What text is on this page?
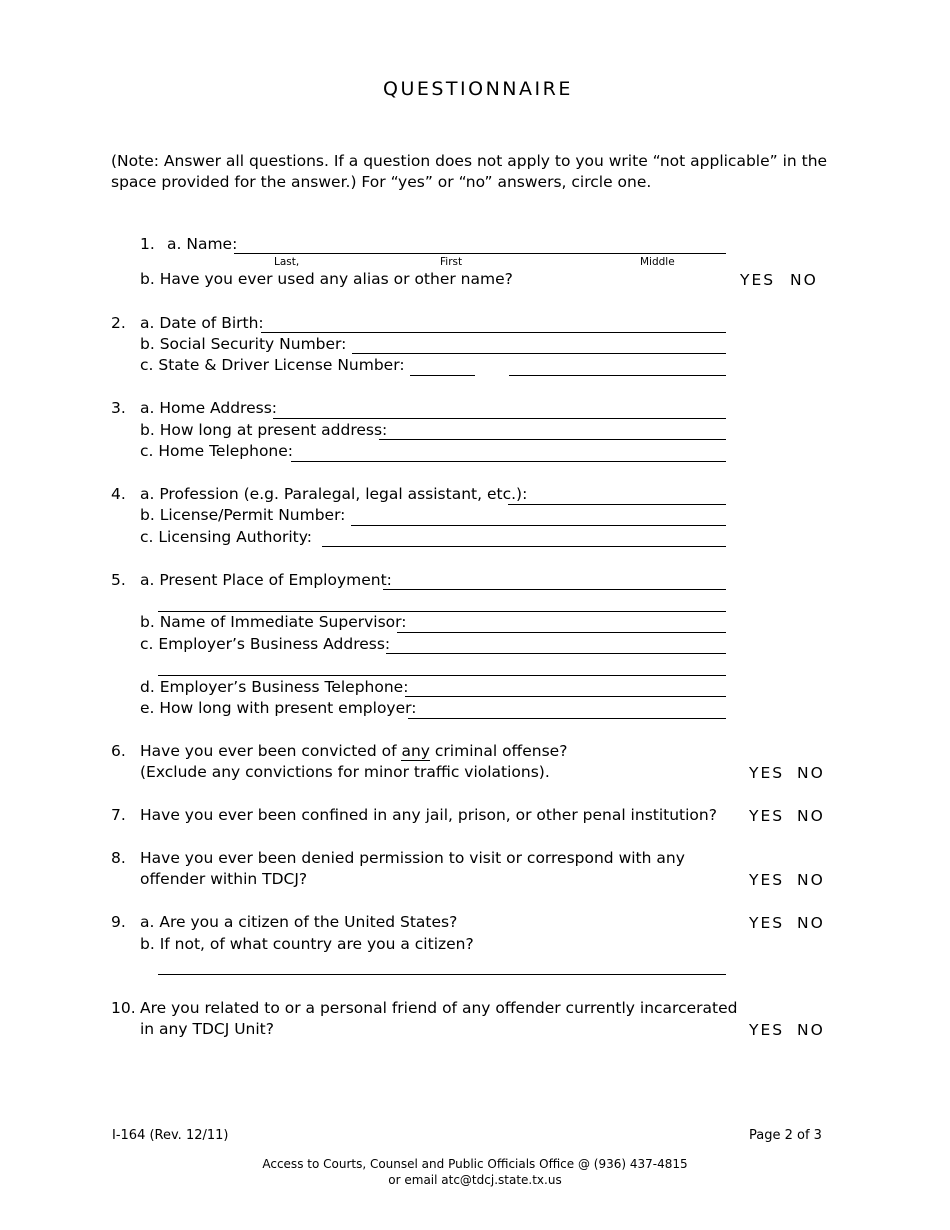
QUESTIONNAIRE
(Note: Answer all questions. If a question does not apply to you write “not applicable” in the space provided for the answer.) For “yes” or “no” answers, circle one.
1. a. Name:
Last,	First	Middle
b. Have you ever used any alias or other name?	YES NO
2. a. Date of Birth:
b. Social Security Number:
c. State & Driver License Number:
3. a. Home Address:
b. How long at present address:
c. Home Telephone:
4. a. Profession (e.g. Paralegal, legal assistant, etc.):
b. License/Permit Number:
c. Licensing Authority:
5. a. Present Place of Employment:
b. Name of Immediate Supervisor:
c. Employer’s Business Address:
d. Employer’s Business Telephone:
e. How long with present employer:
6. Have you ever been convicted of any criminal offense?
(Exclude any convictions for minor traffic violations).	YES NO
7. Have you ever been confined in any jail, prison, or other penal institution? YES NO
8. Have you ever been denied permission to visit or correspond with any
offender within TDCJ?	YES NO
9. a. Are you a citizen of the United States?	YES NO
b. If not, of what country are you a citizen?
10. Are you related to or a personal friend of any offender currently incarcerated
in any TDCJ Unit?	YES NO
I-164 (Rev. 12/11)	Page 2 of 3
Access to Courts, Counsel and Public Officials Office @ (936) 437-4815
or email atc@tdcj.state.tx.us
